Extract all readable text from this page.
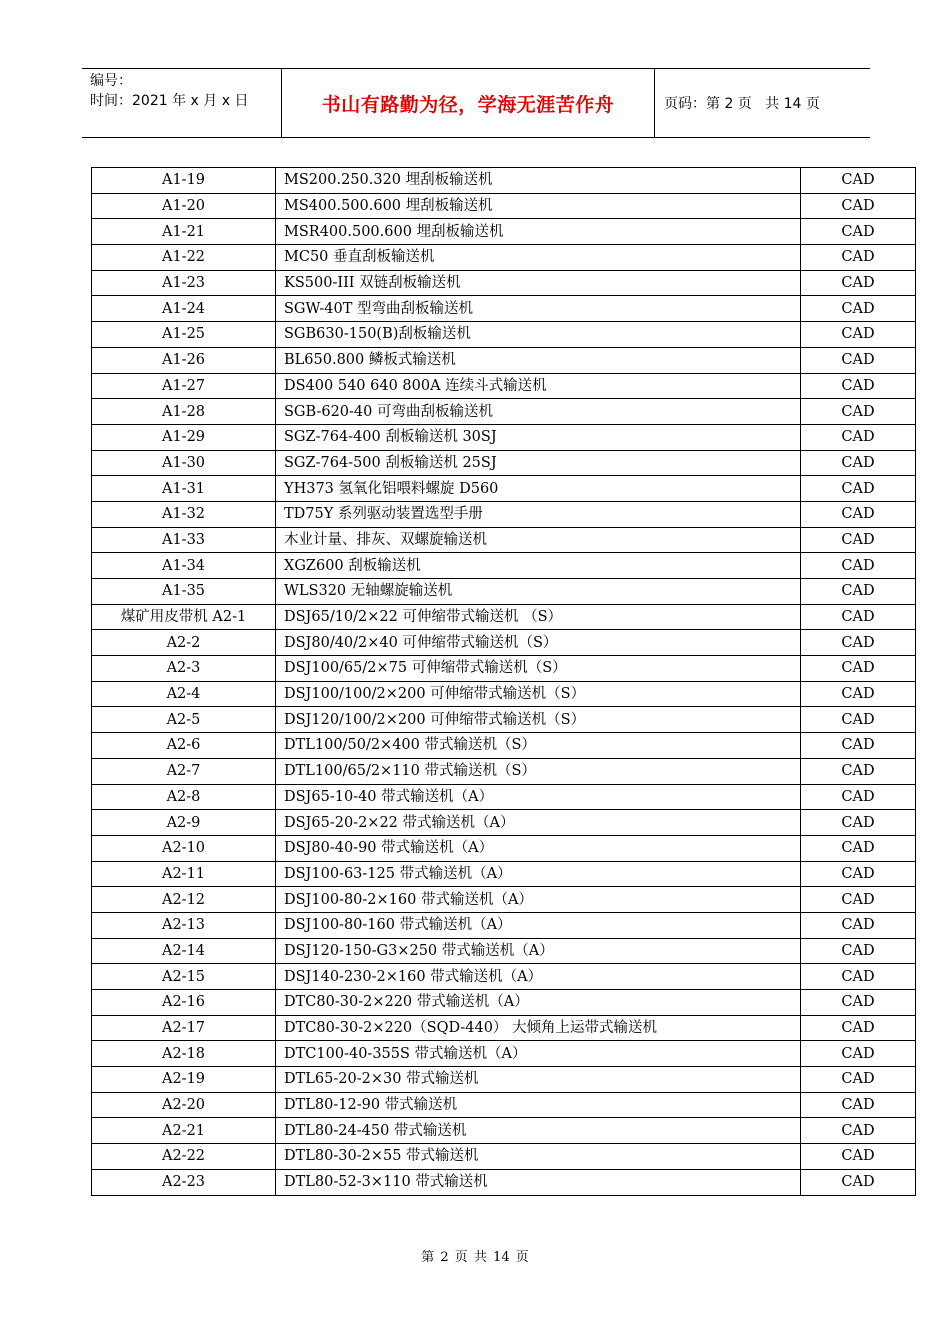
编号：
时间：2021 年 x 月 x 日	书山有路勤为径，学海无涯苦作舟	页码：第 2 页   共 14 页
A1-19	MS200.250.320 埋刮板输送机	CAD
A1-20	MS400.500.600 埋刮板输送机	CAD
A1-21	MSR400.500.600 埋刮板输送机	CAD
A1-22	MC50 垂直刮板输送机	CAD
A1-23	KS500-III 双链刮板输送机	CAD
A1-24	SGW-40T 型弯曲刮板输送机	CAD
A1-25	SGB630-150(B)刮板输送机	CAD
A1-26	BL650.800 鳞板式输送机	CAD
A1-27	DS400 540 640 800A 连续斗式输送机	CAD
A1-28	SGB-620-40 可弯曲刮板输送机	CAD
A1-29	SGZ-764-400 刮板输送机 30SJ	CAD
A1-30	SGZ-764-500 刮板输送机 25SJ	CAD
A1-31	YH373 氢氧化铝喂料螺旋 D560	CAD
A1-32	TD75Y 系列驱动装置选型手册	CAD
A1-33	木业计量、排灰、双螺旋输送机	CAD
A1-34	XGZ600 刮板输送机	CAD
A1-35	WLS320 无轴螺旋输送机	CAD
煤矿用皮带机 A2-1	DSJ65/10/2×22 可伸缩带式输送机 （S）	CAD
A2-2	DSJ80/40/2×40 可伸缩带式输送机（S）	CAD
A2-3	DSJ100/65/2×75 可伸缩带式输送机（S）	CAD
A2-4	DSJ100/100/2×200 可伸缩带式输送机（S）	CAD
A2-5	DSJ120/100/2×200 可伸缩带式输送机（S）	CAD
A2-6	DTL100/50/2×400 带式输送机（S）	CAD
A2-7	DTL100/65/2×110 带式输送机（S）	CAD
A2-8	DSJ65-10-40 带式输送机（A）	CAD
A2-9	DSJ65-20-2×22 带式输送机（A）	CAD
A2-10	DSJ80-40-90 带式输送机（A）	CAD
A2-11	DSJ100-63-125 带式输送机（A）	CAD
A2-12	DSJ100-80-2×160 带式输送机（A）	CAD
A2-13	DSJ100-80-160 带式输送机（A）	CAD
A2-14	DSJ120-150-G3×250 带式输送机（A）	CAD
A2-15	DSJ140-230-2×160 带式输送机（A）	CAD
A2-16	DTC80-30-2×220 带式输送机（A）	CAD
A2-17	DTC80-30-2×220（SQD-440） 大倾角上运带式输送机	CAD
A2-18	DTC100-40-355S 带式输送机（A）	CAD
A2-19	DTL65-20-2×30 带式输送机	CAD
A2-20	DTL80-12-90 带式输送机	CAD
A2-21	DTL80-24-450 带式输送机	CAD
A2-22	DTL80-30-2×55 带式输送机	CAD
A2-23	DTL80-52-3×110 带式输送机	CAD
第 2 页 共 14 页
